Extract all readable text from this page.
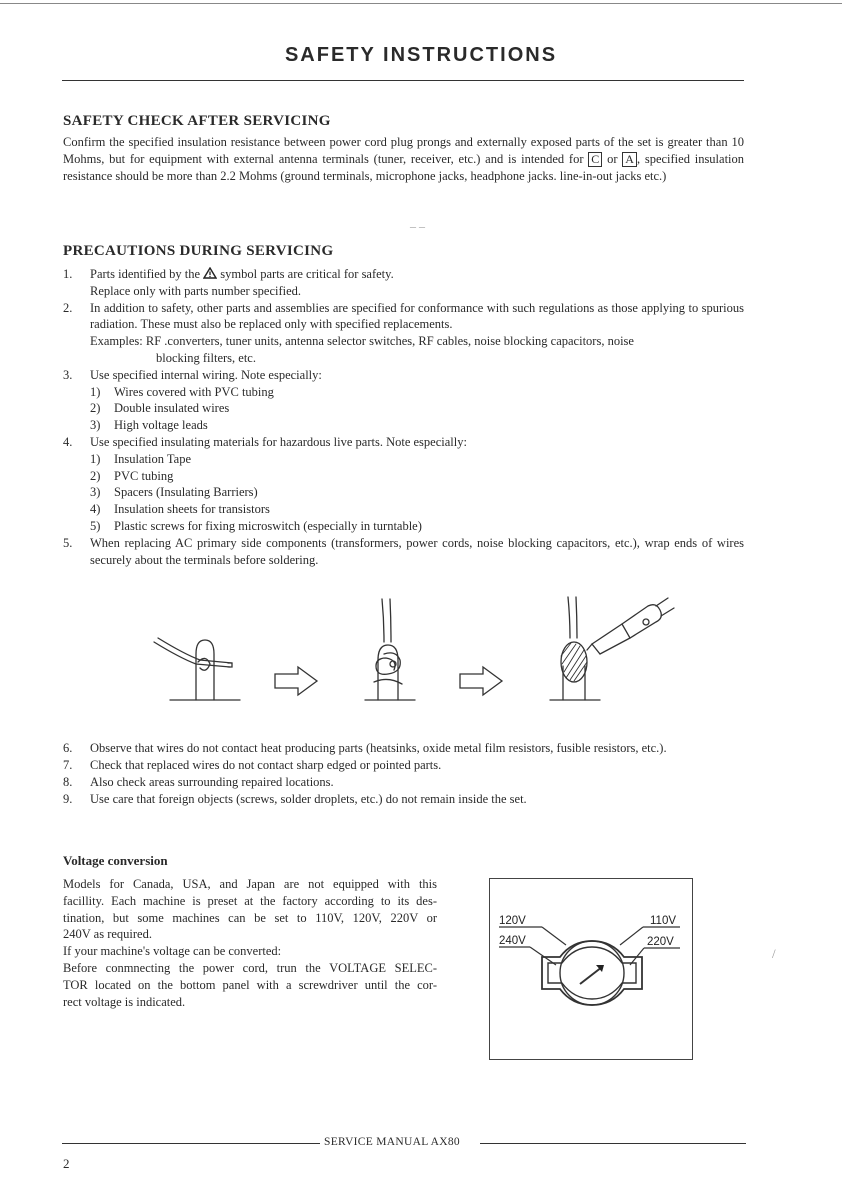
SAFETY INSTRUCTIONS
SAFETY CHECK AFTER SERVICING

Confirm the specified insulation resistance between power cord plug prongs and externally exposed parts of the set is greater than 10 Mohms, but for equipment with external antenna terminals (tuner, receiver, etc.) and is intended for C or A , specified insulation resistance should be more than 2.2 Mohms (ground terminals, microphone jacks, headphone jacks. line-in-out jacks etc.)

_ _
PRECAUTIONS DURING SERVICING
1. Parts identified by the symbol parts are critical for safety.
Replace only with parts number specified.
2. In addition to safety, other parts and assemblies are specified for conformance with such regulations as those applying to spurious radiation. These must also be replaced only with specified replacements.
Examples: RF .converters, tuner units, antenna selector switches, RF cables, noise blocking capacitors, noise
blocking filters, etc.
3. Use specified internal wiring. Note especially:
1) Wires covered with PVC tubing
2) Double insulated wires
3) High voltage leads
4. Use specified insulating materials for hazardous live parts. Note especially:
1) Insulation Tape
2) PVC tubing
3) Spacers (Insulating Barriers)
4) Insulation sheets for transistors
5) Plastic screws for fixing microswitch (especially in turntable)
5. When replacing AC primary side components (transformers, power cords, noise blocking capacitors, etc.), wrap ends of wires securely about the terminals before soldering.
6. Observe that wires do not contact heat producing parts (heatsinks, oxide metal film resistors, fusible resistors, etc.).
7. Check that replaced wires do not contact sharp edged or pointed parts.
8. Also check areas surrounding repaired locations.
9. Use care that foreign objects (screws, solder droplets, etc.) do not remain inside the set.
Voltage conversion
Models for Canada, USA, and Japan are not equipped with this
facillity. Each machine is preset at the factory according to its des-
tination, but some machines can be set to 110V, 120V, 220V or
240V as required.
If your machine's voltage can be converted:
Before conmnecting the power cord, trun the VOLTAGE SELEC-
TOR located on the bottom panel with a screwdriver until the cor-
rect voltage is indicated.
120V	110V
240V	220V
/
SERVICE MANUAL AX80
2
